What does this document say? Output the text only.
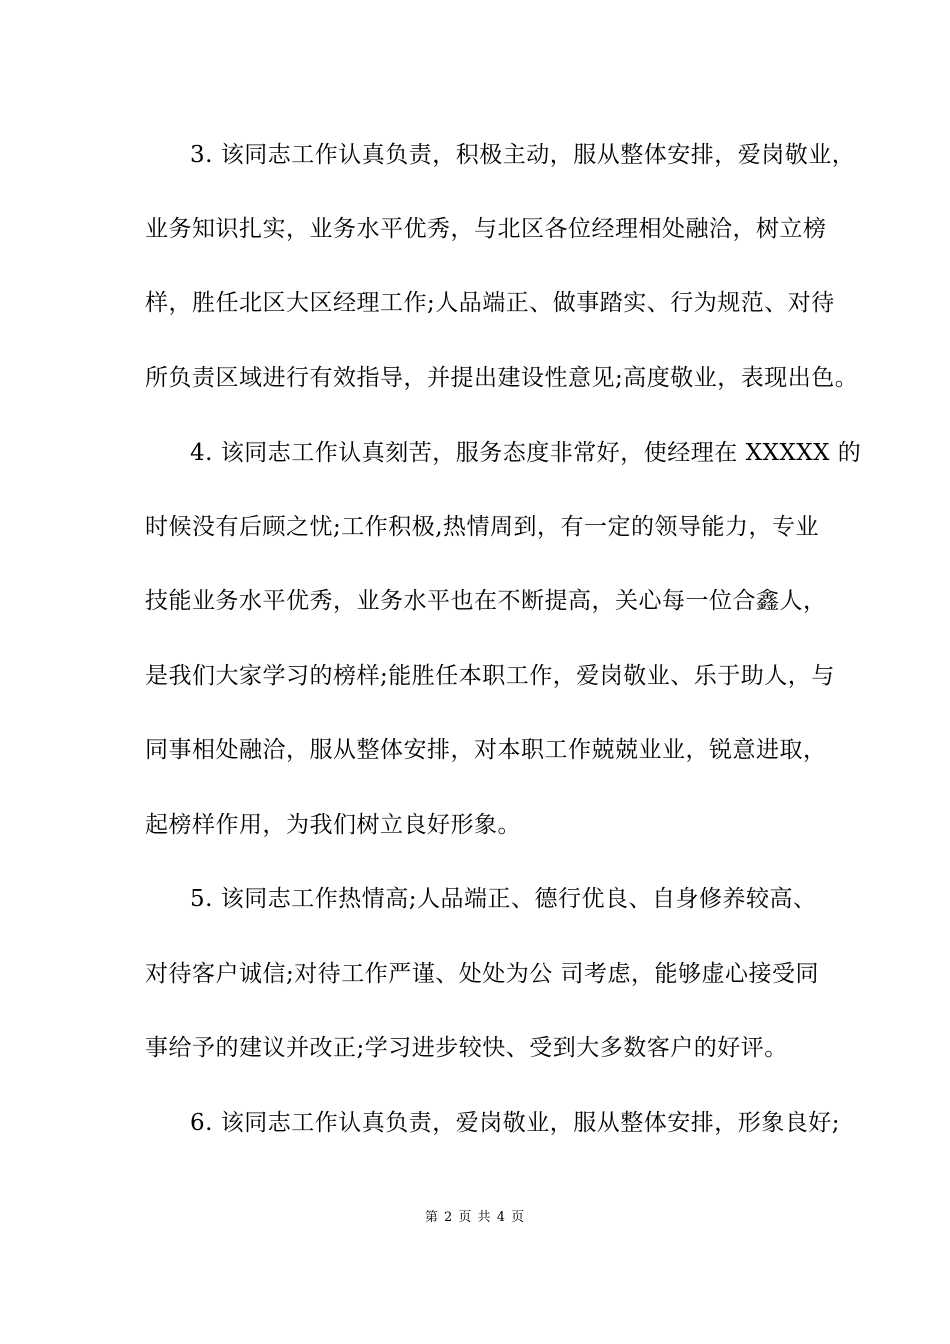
3. 该同志工作认真负责，积极主动，服从整体安排，爱岗敬业，
业务知识扎实，业务水平优秀，与北区各位经理相处融洽，树立榜
样，胜任北区大区经理工作;人品端正、做事踏实、行为规范、对待
所负责区域进行有效指导，并提出建设性意见;高度敬业，表现出色。
4. 该同志工作认真刻苦，服务态度非常好，使经理在 XXXXX 的
时候没有后顾之忧;工作积极,热情周到，有一定的领导能力，专业
技能业务水平优秀，业务水平也在不断提高，关心每一位合鑫人，
是我们大家学习的榜样;能胜任本职工作，爱岗敬业、乐于助人，与
同事相处融洽，服从整体安排，对本职工作兢兢业业，锐意进取，
起榜样作用，为我们树立良好形象。
5. 该同志工作热情高;人品端正、德行优良、自身修养较高、
对待客户诚信;对待工作严谨、处处为公 司考虑，能够虚心接受同
事给予的建议并改正;学习进步较快、受到大多数客户的好评。
6. 该同志工作认真负责，爱岗敬业，服从整体安排，形象良好;
第 2 页 共 4 页
